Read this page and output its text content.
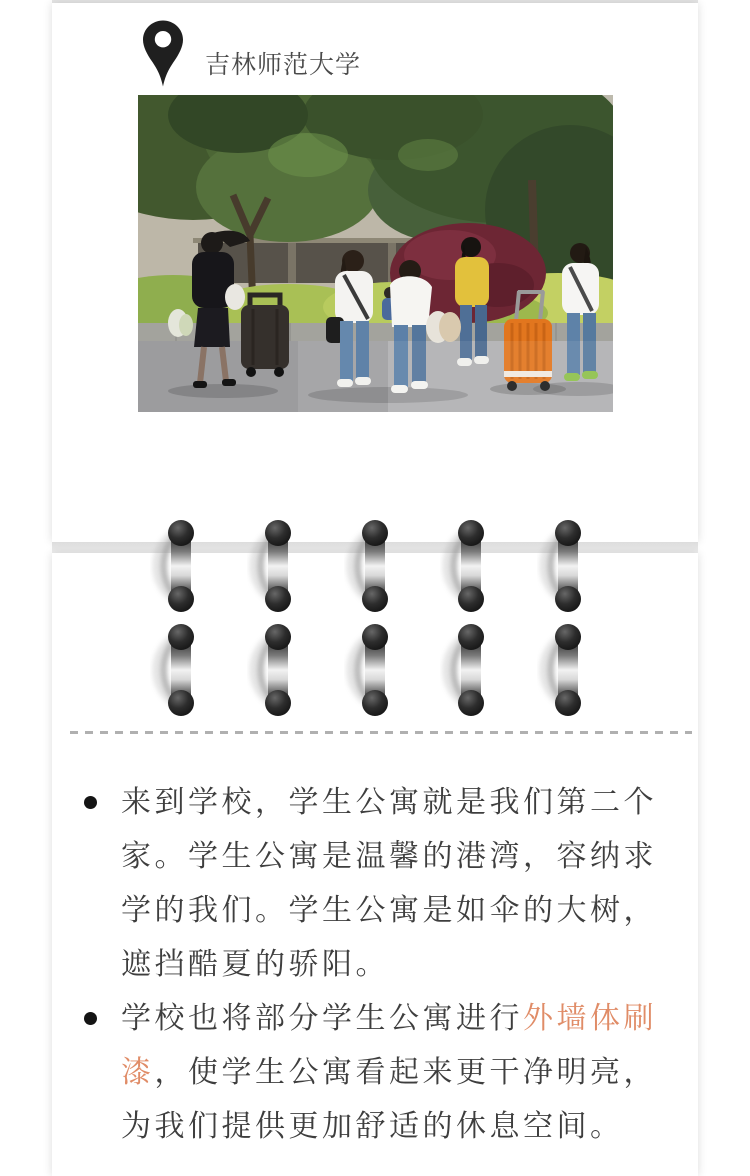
吉林师范大学
来到学校，学生公寓就是我们第二个家。学生公寓是温馨的港湾，容纳求学的我们。学生公寓是如伞的大树，遮挡酷夏的骄阳。
学校也将部分学生公寓进行外墙体刷漆，使学生公寓看起来更干净明亮，为我们提供更加舒适的休息空间。
